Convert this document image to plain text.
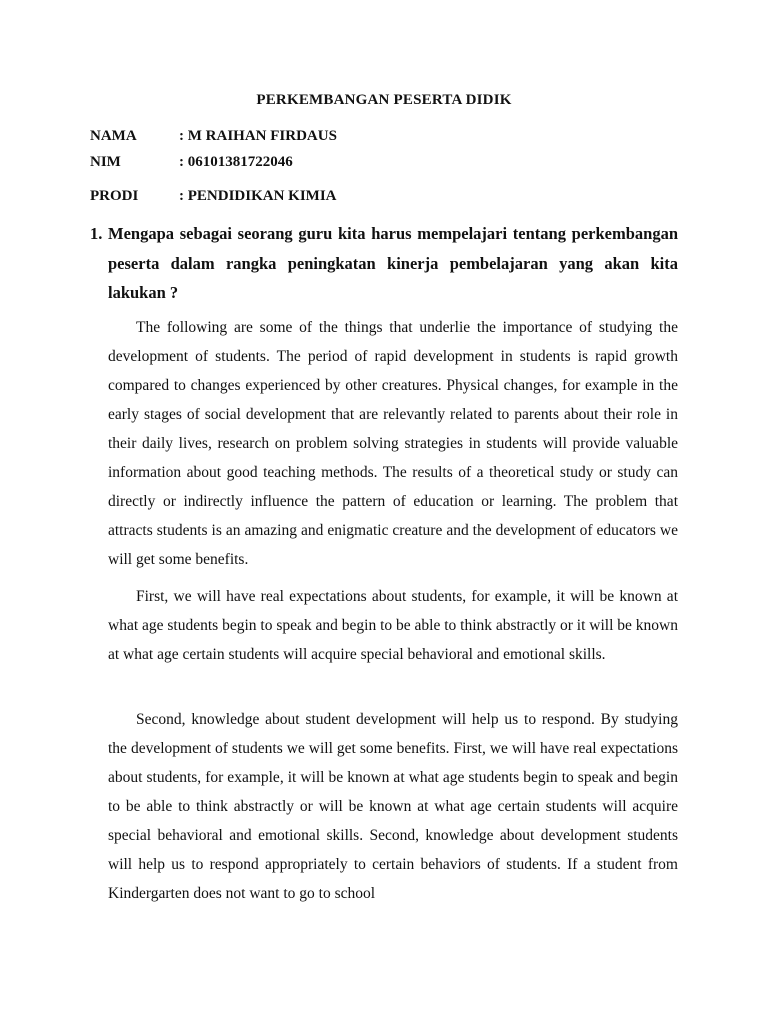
PERKEMBANGAN PESERTA DIDIK
NAMA	: M RAIHAN FIRDAUS
NIM	: 06101381722046
PRODI	: PENDIDIKAN KIMIA
1. Mengapa sebagai seorang guru kita harus mempelajari tentang perkembangan peserta dalam rangka peningkatan kinerja pembelajaran yang akan kita lakukan ?

The following are some of the things that underlie the importance of studying the development of students. The period of rapid development in students is rapid growth compared to changes experienced by other creatures. Physical changes, for example in the early stages of social development that are relevantly related to parents about their role in their daily lives, research on problem solving strategies in students will provide valuable information about good teaching methods. The results of a theoretical study or study can directly or indirectly influence the pattern of education or learning. The problem that attracts students is an amazing and enigmatic creature and the development of educators we will get some benefits.

First, we will have real expectations about students, for example, it will be known at what age students begin to speak and begin to be able to think abstractly or it will be known at what age certain students will acquire special behavioral and emotional skills.

Second, knowledge about student development will help us to respond. By studying the development of students we will get some benefits. First, we will have real expectations about students, for example, it will be known at what age students begin to speak and begin to be able to think abstractly or will be known at what age certain students will acquire special behavioral and emotional skills. Second, knowledge about development students will help us to respond appropriately to certain behaviors of students. If a student from Kindergarten does not want to go to school
